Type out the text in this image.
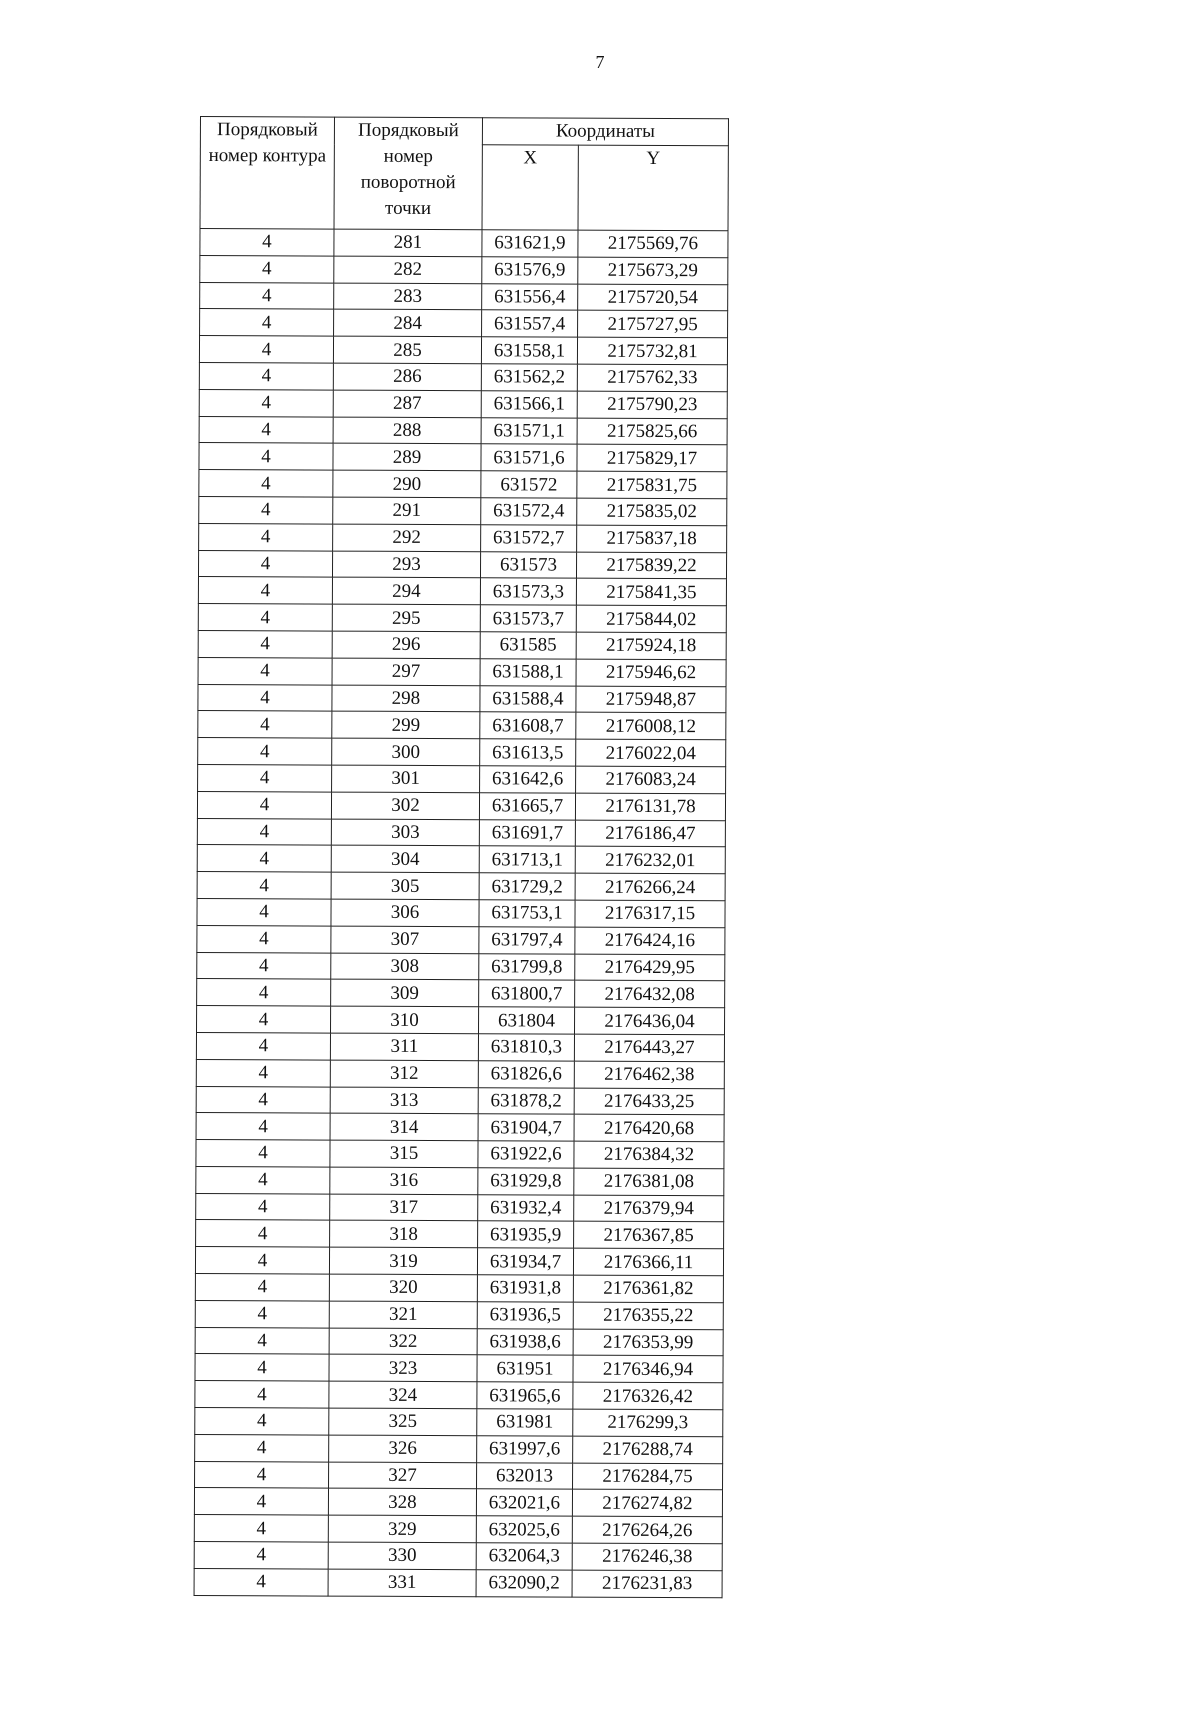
7
Порядковый номер контура	Порядковый номер поворотной точки	Координаты	
		X	Y
4	281	631621,9	2175569,76
4	282	631576,9	2175673,29
4	283	631556,4	2175720,54
4	284	631557,4	2175727,95
4	285	631558,1	2175732,81
4	286	631562,2	2175762,33
4	287	631566,1	2175790,23
4	288	631571,1	2175825,66
4	289	631571,6	2175829,17
4	290	631572	2175831,75
4	291	631572,4	2175835,02
4	292	631572,7	2175837,18
4	293	631573	2175839,22
4	294	631573,3	2175841,35
4	295	631573,7	2175844,02
4	296	631585	2175924,18
4	297	631588,1	2175946,62
4	298	631588,4	2175948,87
4	299	631608,7	2176008,12
4	300	631613,5	2176022,04
4	301	631642,6	2176083,24
4	302	631665,7	2176131,78
4	303	631691,7	2176186,47
4	304	631713,1	2176232,01
4	305	631729,2	2176266,24
4	306	631753,1	2176317,15
4	307	631797,4	2176424,16
4	308	631799,8	2176429,95
4	309	631800,7	2176432,08
4	310	631804	2176436,04
4	311	631810,3	2176443,27
4	312	631826,6	2176462,38
4	313	631878,2	2176433,25
4	314	631904,7	2176420,68
4	315	631922,6	2176384,32
4	316	631929,8	2176381,08
4	317	631932,4	2176379,94
4	318	631935,9	2176367,85
4	319	631934,7	2176366,11
4	320	631931,8	2176361,82
4	321	631936,5	2176355,22
4	322	631938,6	2176353,99
4	323	631951	2176346,94
4	324	631965,6	2176326,42
4	325	631981	2176299,3
4	326	631997,6	2176288,74
4	327	632013	2176284,75
4	328	632021,6	2176274,82
4	329	632025,6	2176264,26
4	330	632064,3	2176246,38
4	331	632090,2	2176231,83
